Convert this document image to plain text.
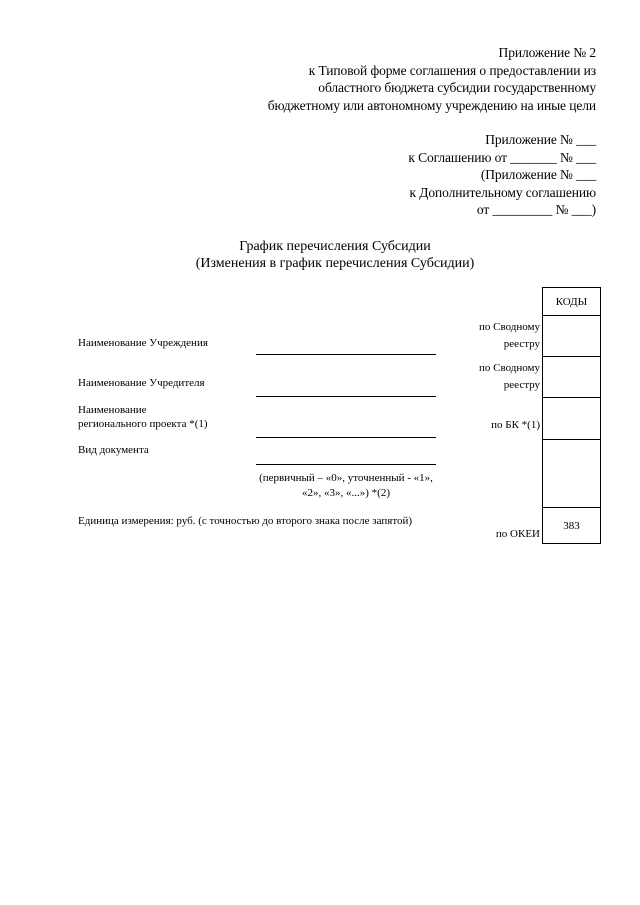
Приложение № 2
к Типовой форме соглашения о предоставлении из
областного бюджета субсидии государственному
бюджетному или автономному учреждению на иные цели
Приложение № ___
к Соглашению от _______ № ___
(Приложение № ___
к Дополнительному соглашению
от _________ № ___)
График перечисления Субсидии
(Изменения в график перечисления Субсидии)
Наименование Учреждения
Наименование Учредителя
Наименование
регионального проекта *(1)
Вид документа
(первичный – «0», уточненный - «1», «2», «3», «...») *(2)
Единица измерения: руб. (с точностью до второго знака после запятой)
по Сводному
реестру
по Сводному
реестру
по БК *(1)
по ОКЕИ
КОДЫ
383
